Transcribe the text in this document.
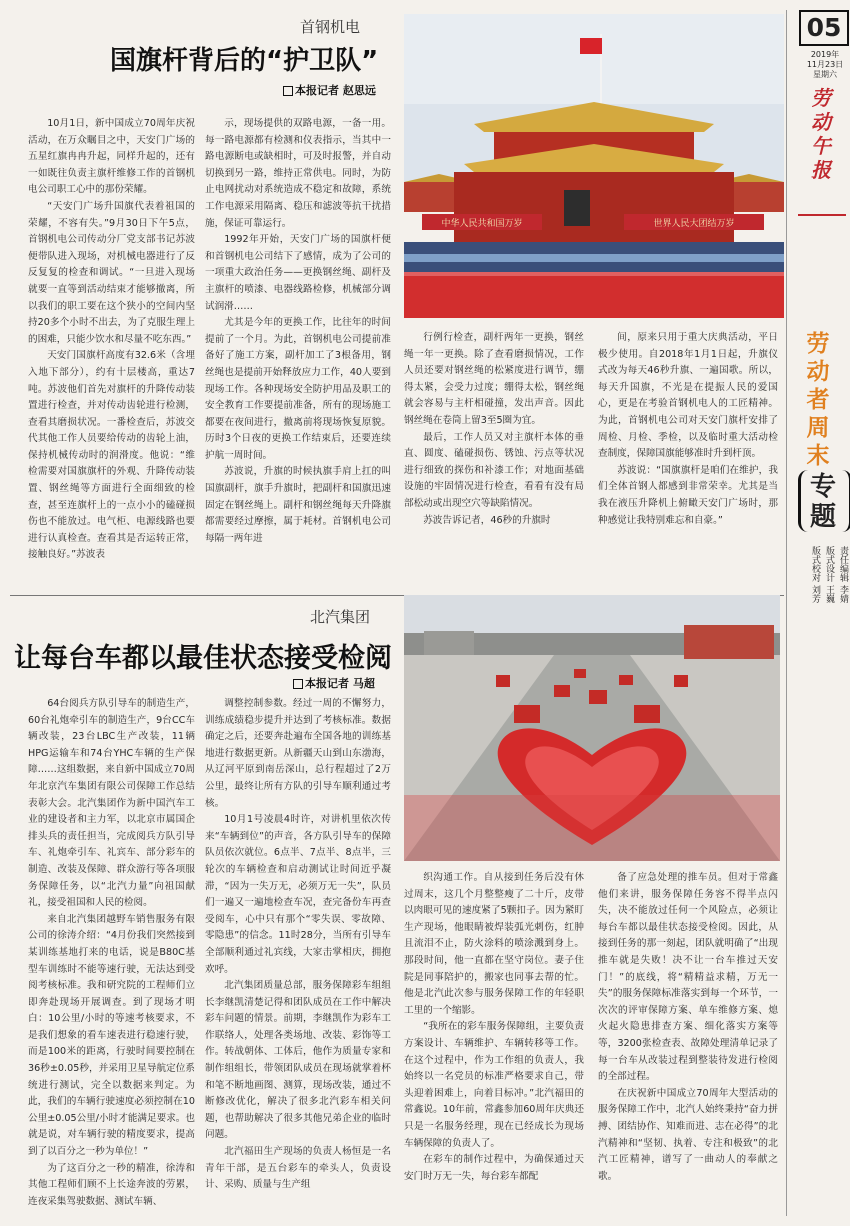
05
2019年
11月23日
星期六
劳动午报
劳动者周末
专题
责任编辑 李婧
版式设计 王巍
版式校对 刘芳
首钢机电
国旗杆背后的“护卫队”
本报记者 赵思远
中华人民共和国万岁	世界人民大团结万岁

10月1日，新中国成立70周年庆祝活动，在万众瞩目之中，天安门广场的五星红旗冉冉升起，同样升起的，还有一如既往负责主旗杆维修工作的首钢机电公司职工心中的那份荣耀。

“天安门广场升国旗代表着祖国的荣耀，不容有失。”9月30日下午5点，首钢机电公司传动分厂党支部书记苏波便带队进入现场，对机械电器进行了反反复复的检查和调试。“一旦进入现场就要一直等到活动结束才能够撤离，所以我们的职工要在这个狭小的空间内坚持20多个小时不出去，为了克服生理上的困难，只能少饮水和尽量不吃东西。”

天安门国旗杆高度有32.6米（含埋入地下部分），约有十层楼高，重达7吨。苏波他们首先对旗杆的升降传动装置进行检查，并对传动齿轮进行检测，查看其磨损状况。一番检查后，苏波交代其他工作人员要给传动的齿轮上油，保持机械传动时的润滑度。他说：“维检需要对国旗旗杆的外观、升降传动装置、钢丝绳等方面进行全面细致的检查，甚至连旗杆上的一点小小的磕碰损伤也不能放过。电气柜、电源线路也要进行认真检查。查看其是否运转正常，接触良好。”苏波表

示，现场提供的双路电源，一备一用。每一路电源都有检测和仪表指示，当其中一路电源断电或缺相时，可及时报警，并自动切换到另一路，维持正常供电。同时，为防止电网扰动对系统造成不稳定和故障，系统工作电源采用隔离、稳压和滤波等抗干扰措施，保证可靠运行。

1992年开始，天安门广场的国旗杆便和首钢机电公司结下了感情，成为了公司的一项重大政治任务——更换钢丝绳、副杆及主旗杆的喷漆、电器线路检修，机械部分调试润滑……

尤其是今年的更换工作，比往年的时间提前了一个月。为此，首钢机电公司提前准备好了施工方案，副杆加工了3根备用，钢丝绳也是提前开始释放应力工作，40人要到现场工作。各种现场安全防护用品及职工的安全教育工作要提前准备，所有的现场施工都要在夜间进行，撤离前将现场恢复原貌。历时3个日夜的更换工作结束后，还要连续护航一周时间。

苏波说，升旗的时候执旗手肩上扛的叫国旗副杆，旗手升旗时，把副杆和国旗迅速固定在钢丝绳上。副杆和钢丝绳每天升降旗都需要经过摩擦，属于耗材。首钢机电公司每隔一两年进

行例行检查，副杆两年一更换，钢丝绳一年一更换。除了查看磨损情况，工作人员还要对钢丝绳的松紧度进行调节，绷得太紧，会受力过度；绷得太松，钢丝绳就会容易与主杆相碰撞，发出声音。因此钢丝绳在卷筒上留3至5圈为宜。

最后，工作人员又对主旗杆本体的垂直、圆度、磕碰损伤、锈蚀、污点等状况进行细致的探伤和补漆工作；对地面基础设施的牢固情况进行检查，看看有没有局部松动或出现空穴等缺陷情况。

苏波告诉记者，46秒的升旗时

间，原来只用于重大庆典活动，平日极少使用。自2018年1月1日起，升旗仪式改为每天46秒升旗、一遍国歌。所以，每天升国旗，不光是在提振人民的爱国心，更是在考验首钢机电人的工匠精神。为此，首钢机电公司对天安门旗杆安排了周检、月检、季检，以及临时重大活动检查制度，保障国旗能够准时升到杆顶。

苏波说：“国旗旗杆是咱们在维护，我们全体首钢人都感到非常荣幸。尤其是当我在液压升降机上俯瞰天安门广场时，那种感觉让我特别难忘和自豪。”

北汽集团
让每台车都以最佳状态接受检阅
本报记者 马超

64台阅兵方队引导车的制造生产，60台礼炮牵引车的制造生产，9台CC车辆改装，23台LBC生产改装，11辆HPG运输车和74台YHC车辆的生产保障……这组数据，来自新中国成立70周年北京汽车集团有限公司保障工作总结表彰大会。北汽集团作为新中国汽车工业的建设者和主力军，以北京市属国企排头兵的责任担当，完成阅兵方队引导车、礼炮牵引车、礼宾车、部分彩车的制造、改装及保障、群众游行等各项服务保障任务，以“北汽力量”向祖国献礼，接受祖国和人民的检阅。

来自北汽集团越野车销售服务有限公司的徐涛介绍：“4月份我们突然接到某训练基地打来的电话，说是B80C基型车训练时不能等速行驶，无法达到受阅考核标准。我和研究院的工程师们立即奔赴现场开展调查。到了现场才明白：10公里/小时的等速考核要求，不是我们想象的看车速表进行稳速行驶，而是100米的距离，行驶时间要控制在36秒±0.05秒，并采用卫星导航定位系统进行测试，完全以数据来判定。为此，我们的车辆行驶速度必须控制在10公里±0.05公里/小时才能满足要求。也就是说，对车辆行驶的精度要求，提高到了以百分之一秒为单位！”

为了这百分之一秒的精准，徐涛和其他工程师们顾不上长途奔波的劳累，连夜采集驾驶数据、测试车辆、

调整控制参数。经过一周的不懈努力，训练成绩稳步提升并达到了考核标准。数据确定之后，还要奔赴遍布全国各地的训练基地进行数据更新。从新疆天山到山东渤海，从辽河平原到南岳深山，总行程超过了2万公里，最终让所有方队的引导车顺利通过考核。

10月1号凌晨4时许，对讲机里依次传来“车辆到位”的声音，各方队引导车的保障队员依次就位。6点半、7点半、8点半，三轮次的车辆检查和启动测试让时间近乎凝滞，“因为一失万无，必须万无一失”，队员们一遍又一遍地检查车况，查完备份车再查受阅车，心中只有那个“零失误、零故障、零隐患”的信念。11时28分，当所有引导车全部顺利通过礼宾线，大家击掌相庆，拥抱欢呼。

北汽集团质量总部，服务保障彩车组组长李继凯清楚记得和团队成员在工作中解决彩车问题的情景。前期，李继凯作为彩车工作联络人，处理各类场地、改装、彩饰等工作。转战朝体、工体后，他作为质量专家和制作组组长，带领团队成员在现场就掌着杯和笔不断地画图、测算，现场改装，通过不断修改优化，解决了很多北汽彩车相关问题，也帮助解决了很多其他兄弟企业的临时问题。

北汽福田生产现场的负责人杨恒是一名青年干部，是五台彩车的牵头人，负责设计、采购、质量与生产组

织沟通工作。自从接到任务后没有休过周末，这几个月整整瘦了二十斤，皮带以肉眼可见的速度紧了5颗扣子。因为紧盯生产现场，他眼睛被焊装弧光刺伤，红肿且流泪不止，防火涂料的喷涂溅到身上。那段时间，他一直都在坚守岗位。妻子住院是同事陪护的，搬家也同事去帮的忙。他是北汽此次参与服务保障工作的年轻职工里的一个缩影。

“我所在的彩车服务保障组，主要负责方案设计、车辆维护、车辆转移等工作。在这个过程中，作为工作组的负责人，我始终以一名党员的标准严格要求自己，带头迎着困难上，向着目标冲。”北汽福田的常鑫说。10年前，常鑫参加60周年庆典还只是一名服务经理，现在已经成长为现场车辆保障的负责人了。

在彩车的制作过程中，为确保通过天安门时万无一失，每台彩车都配

备了应急处理的推车员。但对于常鑫他们来讲，服务保障任务容不得半点闪失，决不能放过任何一个风险点，必须让每台车都以最佳状态接受检阅。因此，从接到任务的那一刻起，团队就明确了“出现推车就是失败！决不让一台车推过天安门！”的底线，将“精精益求精，万无一失”的服务保障标准落实到每一个环节，一次次的评审保障方案、单车维修方案、熄火起火隐患排查方案、细化落实方案等等，3200张检查表、故障处理清单记录了每一台车从改装过程到整装待发进行检阅的全部过程。

在庆祝新中国成立70周年大型活动的服务保障工作中，北汽人始终秉持“奋力拼搏、团结协作、知难而进、志在必得”的北汽精神和“坚韧、执着、专注和极致”的北汽工匠精神，谱写了一曲动人的奉献之歌。
